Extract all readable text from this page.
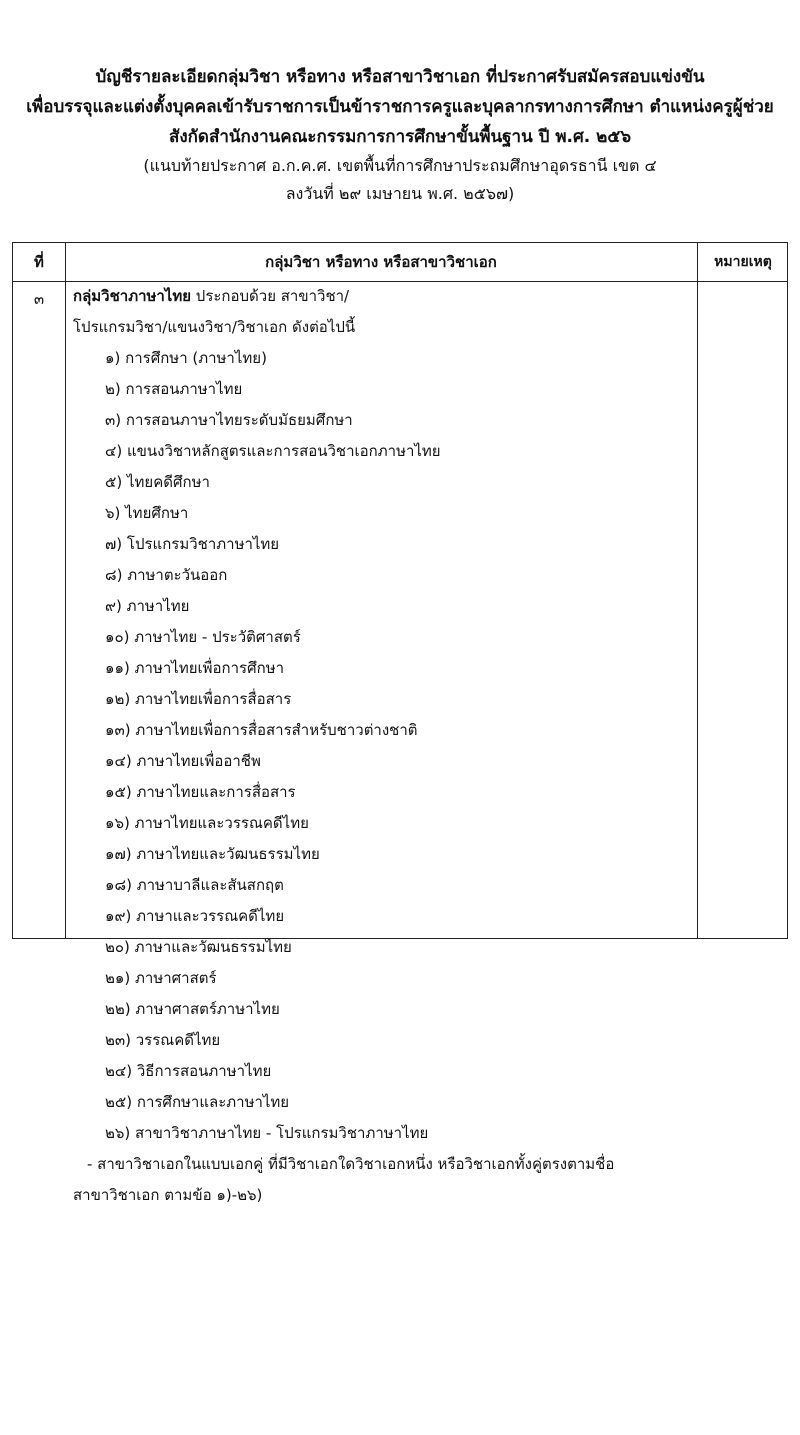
บัญชีรายละเอียดกลุ่มวิชา หรือทาง หรือสาขาวิชาเอก ที่ประกาศรับสมัครสอบแข่งขัน
เพื่อบรรจุและแต่งตั้งบุคคลเข้ารับราชการเป็นข้าราชการครูและบุคลากรทางการศึกษา ตำแหน่งครูผู้ช่วย
สังกัดสำนักงานคณะกรรมการการศึกษาขั้นพื้นฐาน ปี พ.ศ. ๒๕๖
(แนบท้ายประกาศ อ.ก.ค.ศ. เขตพื้นที่การศึกษาประถมศึกษาอุดรธานี เขต ๔
ลงวันที่ ๒๙ เมษายน พ.ศ. ๒๕๖๗)
ที่	กลุ่มวิชา หรือทาง หรือสาขาวิชาเอก	หมายเหตุ
๓	กลุ่มวิชาภาษาไทย ประกอบด้วย สาขาวิชา/
โปรแกรมวิชา/แขนงวิชา/วิชาเอก ดังต่อไปนี้
๑) การศึกษา (ภาษาไทย)
๒) การสอนภาษาไทย
๓) การสอนภาษาไทยระดับมัธยมศึกษา
๔) แขนงวิชาหลักสูตรและการสอนวิชาเอกภาษาไทย
๕) ไทยคดีศึกษา
๖) ไทยศึกษา
๗) โปรแกรมวิชาภาษาไทย
๘) ภาษาตะวันออก
๙) ภาษาไทย
๑๐) ภาษาไทย - ประวัติศาสตร์
๑๑) ภาษาไทยเพื่อการศึกษา
๑๒) ภาษาไทยเพื่อการสื่อสาร
๑๓) ภาษาไทยเพื่อการสื่อสารสำหรับชาวต่างชาติ
๑๔) ภาษาไทยเพื่ออาชีพ
๑๕) ภาษาไทยและการสื่อสาร
๑๖) ภาษาไทยและวรรณคดีไทย
๑๗) ภาษาไทยและวัฒนธรรมไทย
๑๘) ภาษาบาลีและสันสกฤต
๑๙) ภาษาและวรรณคดีไทย
๒๐) ภาษาและวัฒนธรรมไทย
๒๑) ภาษาศาสตร์
๒๒) ภาษาศาสตร์ภาษาไทย
๒๓) วรรณคดีไทย
๒๔) วิธีการสอนภาษาไทย
๒๕) การศึกษาและภาษาไทย
๒๖) สาขาวิชาภาษาไทย - โปรแกรมวิชาภาษาไทย
- สาขาวิชาเอกในแบบเอกคู่ ที่มีวิชาเอกใดวิชาเอกหนึ่ง หรือวิชาเอกทั้งคู่ตรงตามชื่อ
สาขาวิชาเอก ตามข้อ ๑)-๒๖)
